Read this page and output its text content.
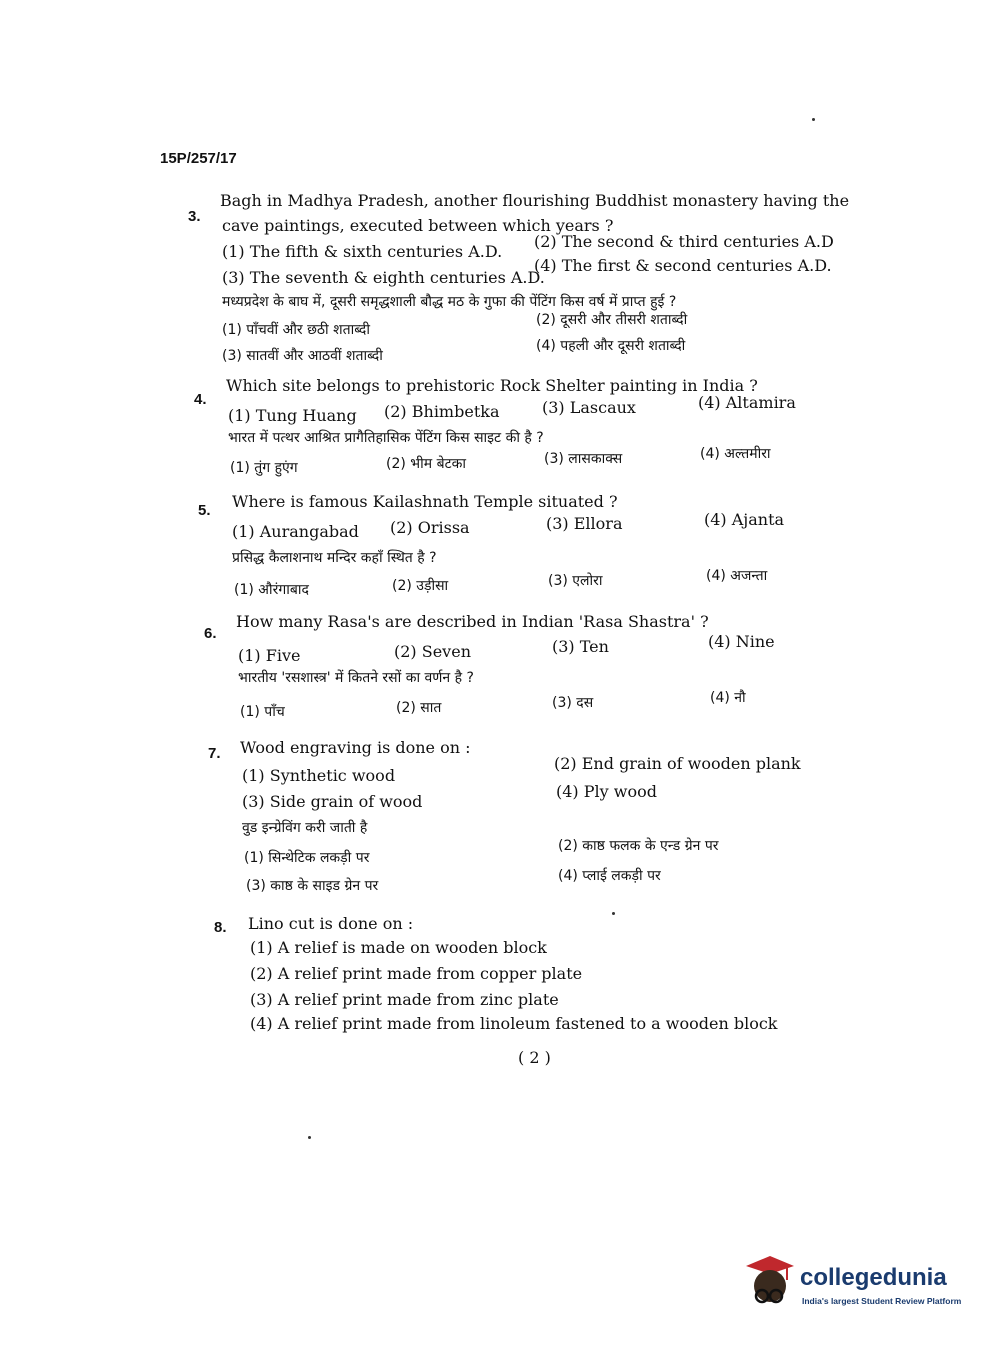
15P/257/17
3.
Bagh in Madhya Pradesh, another flourishing Buddhist monastery having the
cave paintings, executed between which years ?
(1) The fifth & sixth centuries A.D.
(2) The second & third centuries A.D
(3) The seventh & eighth centuries A.D.
(4) The first & second centuries A.D.
मध्यप्रदेश के बाघ में, दूसरी समृद्धशाली बौद्ध मठ के गुफा की पेंटिंग किस वर्ष में प्राप्त हुई ?
(1) पाँचवीं और छठी शताब्दी
(2) दूसरी और तीसरी शताब्दी
(3) सातवीं और आठवीं शताब्दी
(4) पहली और दूसरी शताब्दी
4.
Which site belongs to prehistoric Rock Shelter painting in India ?
(1) Tung Huang (2) Bhimbetka	(3) Lascaux	(4) Altamira
भारत में पत्थर आश्रित प्रागैतिहासिक पेंटिंग किस साइट की है ?
(1) तुंग हुएंग	(2) भीम बेटका	(3) लासकाक्स	(4) अल्तमीरा
5. Where is famous Kailashnath Temple situated ?
(1) Aurangabad (2) Orissa	(3) Ellora	(4) Ajanta
प्रसिद्ध कैलाशनाथ मन्दिर कहाँ स्थित है ?
(1) औरंगाबाद	(2) उड़ीसा	(3) एलोरा	(4) अजन्ता
6.
How many Rasa's are described in Indian 'Rasa Shastra' ?
(1) Five	(2) Seven	(3) Ten	(4) Nine
भारतीय 'रसशास्त्र' में कितने रसों का वर्णन है ?
(1) पाँच	(2) सात	(3) दस	(4) नौ
7. Wood engraving is done on :
(1) Synthetic wood
(2) End grain of wooden plank
(3) Side grain of wood
(4) Ply wood
वुड इन्ग्रेविंग करी जाती है
(1) सिन्थेटिक लकड़ी पर
(2) काष्ठ फलक के एन्ड ग्रेन पर
(3) काष्ठ के साइड ग्रेन पर
(4) प्लाई लकड़ी पर
8. Lino cut is done on :
(1) A relief is made on wooden block
(2) A relief print made from copper plate
(3) A relief print made from zinc plate
(4) A relief print made from linoleum fastened to a wooden block
( 2 )
collegedunia
India's largest Student Review Platform
